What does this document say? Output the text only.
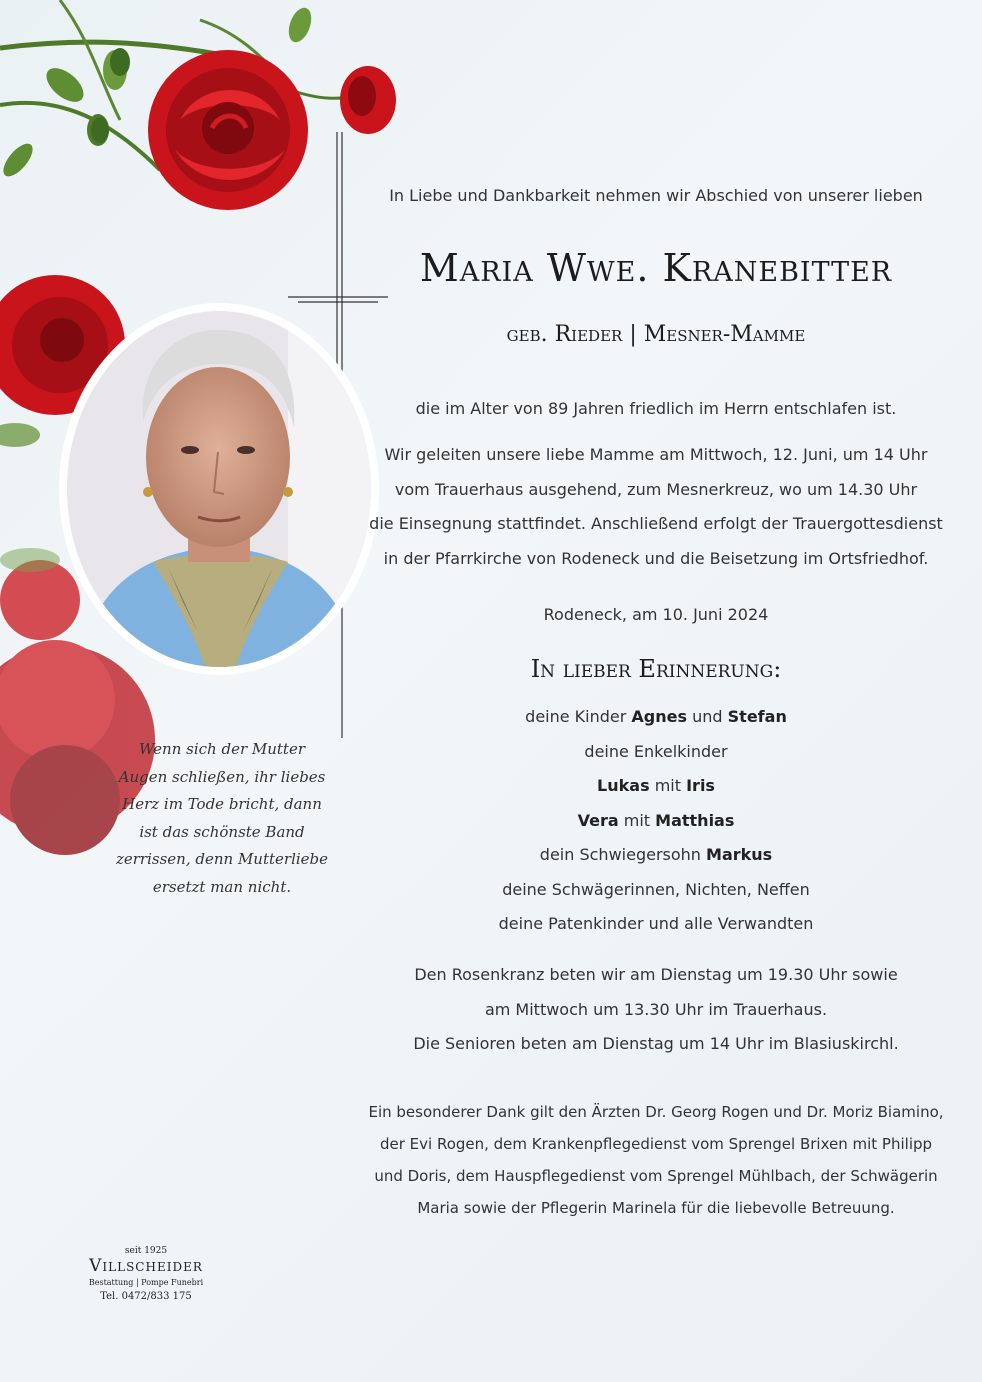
In Liebe und Dankbarkeit nehmen wir Abschied von unserer lieben
Maria Wwe. Kranebitter
geb. Rieder | Mesner-Mamme
die im Alter von 89 Jahren friedlich im Herrn entschlafen ist.
Wir geleiten unsere liebe Mamme am Mittwoch, 12. Juni, um 14 Uhr
vom Trauerhaus ausgehend, zum Mesnerkreuz, wo um 14.30 Uhr
die Einsegnung stattfindet. Anschließend erfolgt der Trauergottesdienst
in der Pfarrkirche von Rodeneck und die Beisetzung im Ortsfriedhof.
Rodeneck, am 10. Juni 2024
In lieber Erinnerung:
deine Kinder Agnes und Stefan
deine Enkelkinder
Lukas mit Iris
Vera mit Matthias
dein Schwiegersohn Markus
deine Schwägerinnen, Nichten, Neffen
deine Patenkinder und alle Verwandten
Den Rosenkranz beten wir am Dienstag um 19.30 Uhr sowie
am Mittwoch um 13.30 Uhr im Trauerhaus.
Die Senioren beten am Dienstag um 14 Uhr im Blasiuskirchl.
Ein besonderer Dank gilt den Ärzten Dr. Georg Rogen und Dr. Moriz Biamino,
der Evi Rogen, dem Krankenpflegedienst vom Sprengel Brixen mit Philipp
und Doris, dem Hauspflegedienst vom Sprengel Mühlbach, der Schwägerin
Maria sowie der Pflegerin Marinela für die liebevolle Betreuung.
Wenn sich der Mutter
Augen schließen, ihr liebes
Herz im Tode bricht, dann
ist das schönste Band
zerrissen, denn Mutterliebe
ersetzt man nicht.
seit 1925
Villscheider
Bestattung | Pompe Funebri
Tel. 0472/833 175
